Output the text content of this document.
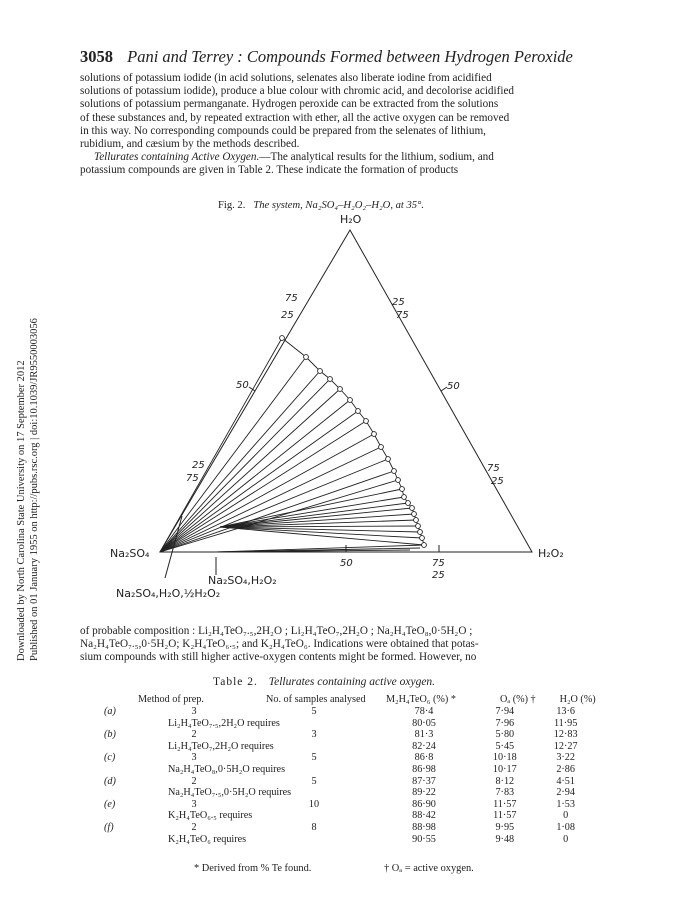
Downloaded by North Carolina State University on 17 September 2012 Published on 01 January 1955 on http://pubs.rsc.org | doi:10.1039/JR9550003056
3058 Pani and Terrey : Compounds Formed between Hydrogen Peroxide
solutions of potassium iodide (in acid solutions, selenates also liberate iodine from acidified
solutions of potassium iodide), produce a blue colour with chromic acid, and decolorise acidified
solutions of potassium permanganate. Hydrogen peroxide can be extracted from the solutions
of these substances and, by repeated extraction with ether, all the active oxygen can be removed
in this way. No corresponding compounds could be prepared from the selenates of lithium,
rubidium, and cæsium by the methods described.
Tellurates containing Active Oxygen.—The analytical results for the lithium, sodium, and
potassium compounds are given in Table 2. These indicate the formation of products
Fig. 2. The system, Na₂SO₄–H₂O₂–H₂O, at 35°.
H₂O
Na₂SO₄	H₂O₂
Na₂SO₄,H₂O₂
Na₂SO₄,H₂O,½H₂O₂
75
25
50
25
75
25
75
50
75
25
50	75
25
of probable composition : Li₂H₄TeO₇.₅,2H₂O ; Li₂H₄TeO₇,2H₂O ; Na₂H₄TeO₈,0·5H₂O ;
Na₂H₄TeO₇.₅,0·5H₂O; K₂H₄TeO₆.₅; and K₂H₄TeO₆. Indications were obtained that potas-
sium compounds with still higher active-oxygen contents might be formed. However, no
Table 2. Tellurates containing active oxygen.
Method of prep.		No. of samples analysed	M₂H₄TeO₆ (%) *	Oₐ (%) †	H₂O (%)
(a)	3	5	78·4	7·94	13·6
	Li₂H₄TeO₇.₅,2H₂O requires		80·05	7·96	11·95
(b)	2	3	81·3	5·80	12·83
	Li₂H₄TeO₇,2H₂O requires		82·24	5·45	12·27
(c)	3	5	86·8	10·18	3·22
	Na₂H₄TeO₈,0·5H₂O requires		86·98	10·17	2·86
(d)	2	5	87·37	8·12	4·51
	Na₂H₄TeO₇.₅,0·5H₂O requires		89·22	7·83	2·94
(e)	3	10	86·90	11·57	1·53
	K₂H₄TeO₆.₅ requires		88·42	11·57	0
(f)	2	8	88·98	9·95	1·08
	K₂H₄TeO₆ requires		90·55	9·48	0
* Derived from % Te found.	† Oₐ = active oxygen.
